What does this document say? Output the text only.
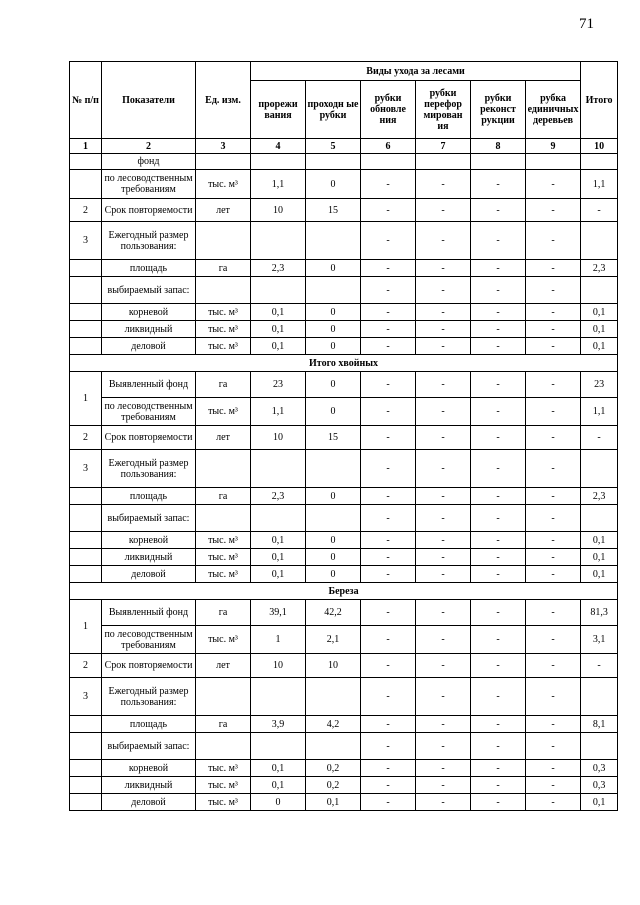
71
№ п/п	Показатели	Ед. изм.	Виды ухода за лесами						Итого
			прорежи вания	проходн ые рубки	рубки обновле ния	рубки перефор мирован ия	рубки реконст рукции	рубка единичных деревьев	
1	2	3	4	5	6	7	8	9	10
	фонд								
	по лесоводственным требованиям	тыс. м³	1,1	0	-	-	-	-	1,1
2	Срок повторяемости	лет	10	15	-	-	-	-	-
3	Ежегодный размер пользования:				-	-	-	-	
	площадь	га	2,3	0	-	-	-	-	2,3
	выбираемый запас:				-	-	-	-	
	корневой	тыс. м³	0,1	0	-	-	-	-	0,1
	ликвидный	тыс. м³	0,1	0	-	-	-	-	0,1
	деловой	тыс. м³	0,1	0	-	-	-	-	0,1
Итого хвойных									
1	Выявленный фонд	га	23	0	-	-	-	-	23
	по лесоводственным требованиям	тыс. м³	1,1	0	-	-	-	-	1,1
2	Срок повторяемости	лет	10	15	-	-	-	-	-
3	Ежегодный размер пользования:				-	-	-	-	
	площадь	га	2,3	0	-	-	-	-	2,3
	выбираемый запас:				-	-	-	-	
	корневой	тыс. м³	0,1	0	-	-	-	-	0,1
	ликвидный	тыс. м³	0,1	0	-	-	-	-	0,1
	деловой	тыс. м³	0,1	0	-	-	-	-	0,1
Береза									
1	Выявленный фонд	га	39,1	42,2	-	-	-	-	81,3
	по лесоводственным требованиям	тыс. м³	1	2,1	-	-	-	-	3,1
2	Срок повторяемости	лет	10	10	-	-	-	-	-
3	Ежегодный размер пользования:				-	-	-	-	
	площадь	га	3,9	4,2	-	-	-	-	8,1
	выбираемый запас:				-	-	-	-	
	корневой	тыс. м³	0,1	0,2	-	-	-	-	0,3
	ликвидный	тыс. м³	0,1	0,2	-	-	-	-	0,3
	деловой	тыс. м³	0	0,1	-	-	-	-	0,1
